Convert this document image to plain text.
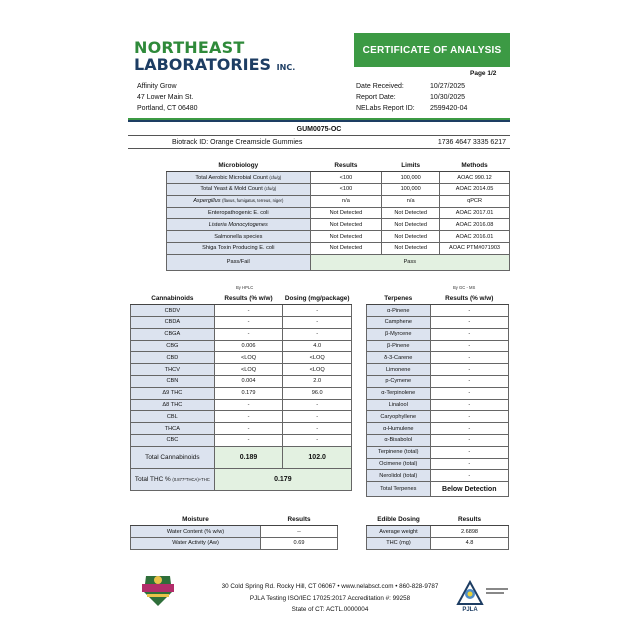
NORTHEAST
LABORATORIES INC.
CERTIFICATE OF ANALYSIS
Page 1/2
Affinity Grow
47 Lower Main St.
Portland, CT 06480
Date Received:	10/27/2025
Report Date:	10/30/2025
NELabs Report ID:	2599420-04
GUM0075-OC
Biotrack ID: Orange Creamsicle Gummies	1736 4647 3335 6217
Microbiology	Results	Limits	Methods
Total Aerobic Microbial Count (cfu/g)	<100	100,000	AOAC 990.12
Total Yeast & Mold Count (cfu/g)	<100	100,000	AOAC 2014.05
Aspergillus (flavus, fumigatus, terreus, niger)	n/a	n/a	qPCR
Enteropathogenic E. coli	Not Detected	Not Detected	AOAC 2017.01
Listeria Monocytogenes	Not Detected	Not Detected	AOAC 2016.08
Salmonella species	Not Detected	Not Detected	AOAC 2016.01
Shiga Toxin Producing E. coli	Not Detected	Not Detected	AOAC PTM#071903
Pass/Fail	Pass		
By HPLC
Cannabinoids	Results (% w/w)	Dosing (mg/package)
CBDV	-	-
CBDA	-	-
CBGA	-	-
CBG	0.006	4.0
CBD	<LOQ	<LOQ
THCV	<LOQ	<LOQ
CBN	0.004	2.0
Δ9 THC	0.179	96.0
Δ8 THC	-	-
CBL	-	-
THCA	-	-
CBC	-	-
Total Cannabinoids	0.189	102.0
Total THC % (0.877*THCA)+THC	0.179	
By GC - MS
Terpenes	Results (% w/w)
α-Pinene	-
Camphene	-
β-Myrcene	-
β-Pinene	-
δ-3-Carene	-
Limonene	-
p-Cymene	-
α-Terpinolene	-
Linalool	-
Caryophyllene	-
α-Humulene	-
α-Bisabolol	-
Terpinene (total)	-
Ocimene (total)	-
Nerolidol (total)	-
Total Terpenes	Below Detection
Moisture	Results
Water Content (% w/w)	--
Water Activity (Aw)	0.69
Edible Dosing	Results
Average weight	2.6898
THC (mg)	4.8
30 Cold Spring Rd. Rocky Hill, CT 06067 • www.nelabsct.com • 860-828-9787
PJLA Testing ISO/IEC 17025:2017 Accreditation #: 99258
State of CT: ACTL.0000004	PJLA
